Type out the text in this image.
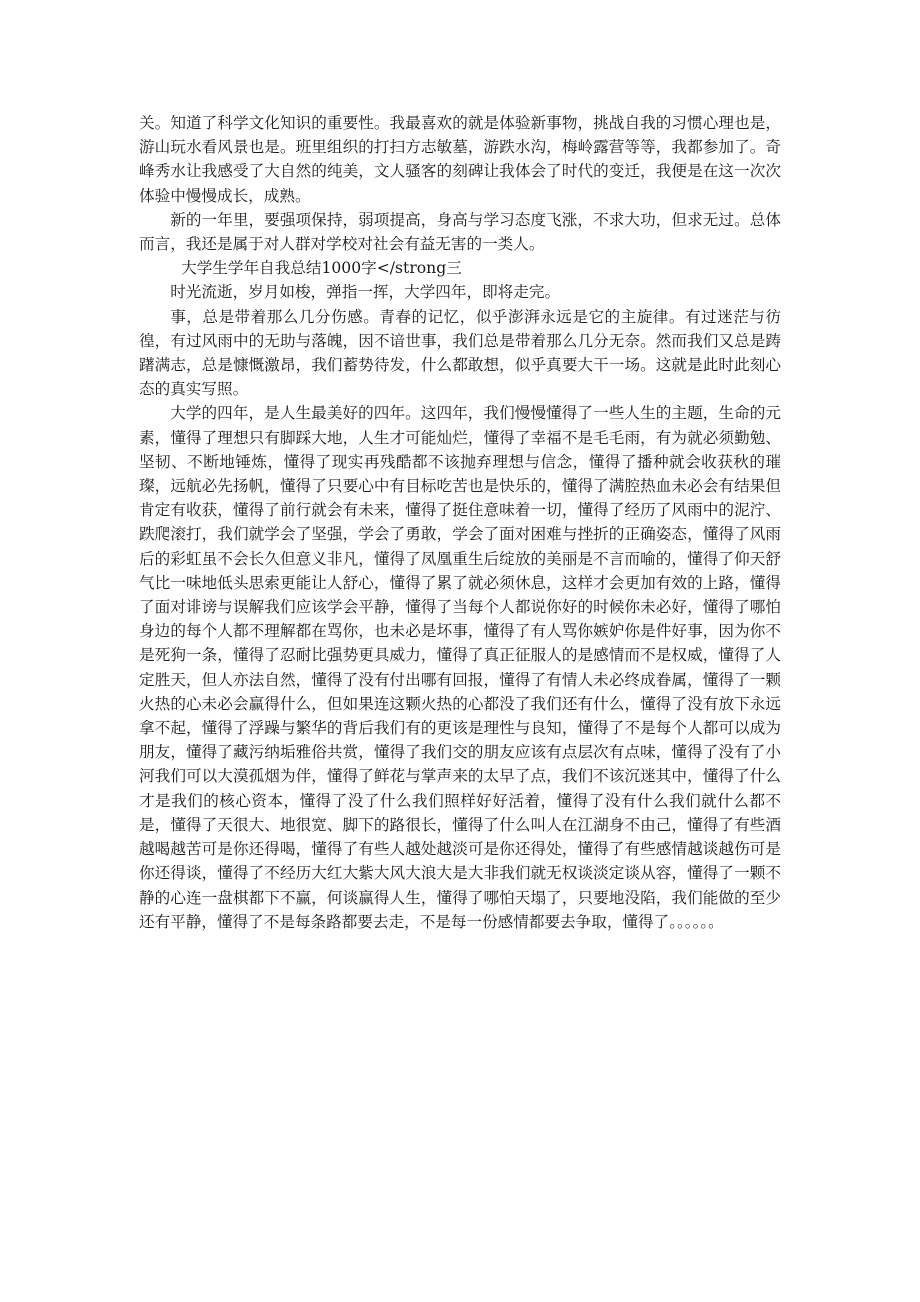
关。知道了科学文化知识的重要性。我最喜欢的就是体验新事物，挑战自我的习惯心理也是，游山玩水看风景也是。班里组织的打扫方志敏墓，游跌水沟，梅岭露营等等，我都参加了。奇峰秀水让我感受了大自然的纯美，文人骚客的刻碑让我体会了时代的变迁，我便是在这一次次体验中慢慢成长，成熟。

新的一年里，要强项保持，弱项提高，身高与学习态度飞涨，不求大功，但求无过。总体而言，我还是属于对人群对学校对社会有益无害的一类人。

大学生学年自我总结1000字</strong三

时光流逝，岁月如梭，弹指一挥，大学四年，即将走完。

事，总是带着那么几分伤感。青春的记忆，似乎澎湃永远是它的主旋律。有过迷茫与彷徨，有过风雨中的无助与落魄，因不谙世事，我们总是带着那么几分无奈。然而我们又总是踌躇满志，总是慷慨激昂，我们蓄势待发，什么都敢想，似乎真要大干一场。这就是此时此刻心态的真实写照。

大学的四年，是人生最美好的四年。这四年，我们慢慢懂得了一些人生的主题，生命的元素，懂得了理想只有脚踩大地，人生才可能灿烂，懂得了幸福不是毛毛雨，有为就必须勤勉、坚韧、不断地锤炼，懂得了现实再残酷都不该抛弃理想与信念，懂得了播种就会收获秋的璀璨，远航必先扬帆，懂得了只要心中有目标吃苦也是快乐的，懂得了满腔热血未必会有结果但肯定有收获，懂得了前行就会有未来，懂得了挺住意味着一切，懂得了经历了风雨中的泥泞、跌爬滚打，我们就学会了坚强，学会了勇敢，学会了面对困难与挫折的正确姿态，懂得了风雨后的彩虹虽不会长久但意义非凡，懂得了凤凰重生后绽放的美丽是不言而喻的，懂得了仰天舒气比一味地低头思索更能让人舒心，懂得了累了就必须休息，这样才会更加有效的上路，懂得了面对诽谤与误解我们应该学会平静，懂得了当每个人都说你好的时候你未必好，懂得了哪怕身边的每个人都不理解都在骂你，也未必是坏事，懂得了有人骂你嫉妒你是件好事，因为你不是死狗一条，懂得了忍耐比强势更具威力，懂得了真正征服人的是感情而不是权威，懂得了人定胜天，但人亦法自然，懂得了没有付出哪有回报，懂得了有情人未必终成眷属，懂得了一颗火热的心未必会赢得什么，但如果连这颗火热的心都没了我们还有什么，懂得了没有放下永远拿不起，懂得了浮躁与繁华的背后我们有的更该是理性与良知，懂得了不是每个人都可以成为朋友，懂得了藏污纳垢雅俗共赏，懂得了我们交的朋友应该有点层次有点味，懂得了没有了小河我们可以大漠孤烟为伴，懂得了鲜花与掌声来的太早了点，我们不该沉迷其中，懂得了什么才是我们的核心资本，懂得了没了什么我们照样好好活着，懂得了没有什么我们就什么都不是，懂得了天很大、地很宽、脚下的路很长，懂得了什么叫人在江湖身不由己，懂得了有些酒越喝越苦可是你还得喝，懂得了有些人越处越淡可是你还得处，懂得了有些感情越谈越伤可是你还得谈，懂得了不经历大红大紫大风大浪大是大非我们就无权谈淡定谈从容，懂得了一颗不静的心连一盘棋都下不赢，何谈赢得人生，懂得了哪怕天塌了，只要地没陷，我们能做的至少还有平静，懂得了不是每条路都要去走，不是每一份感情都要去争取，懂得了。。。。。。
